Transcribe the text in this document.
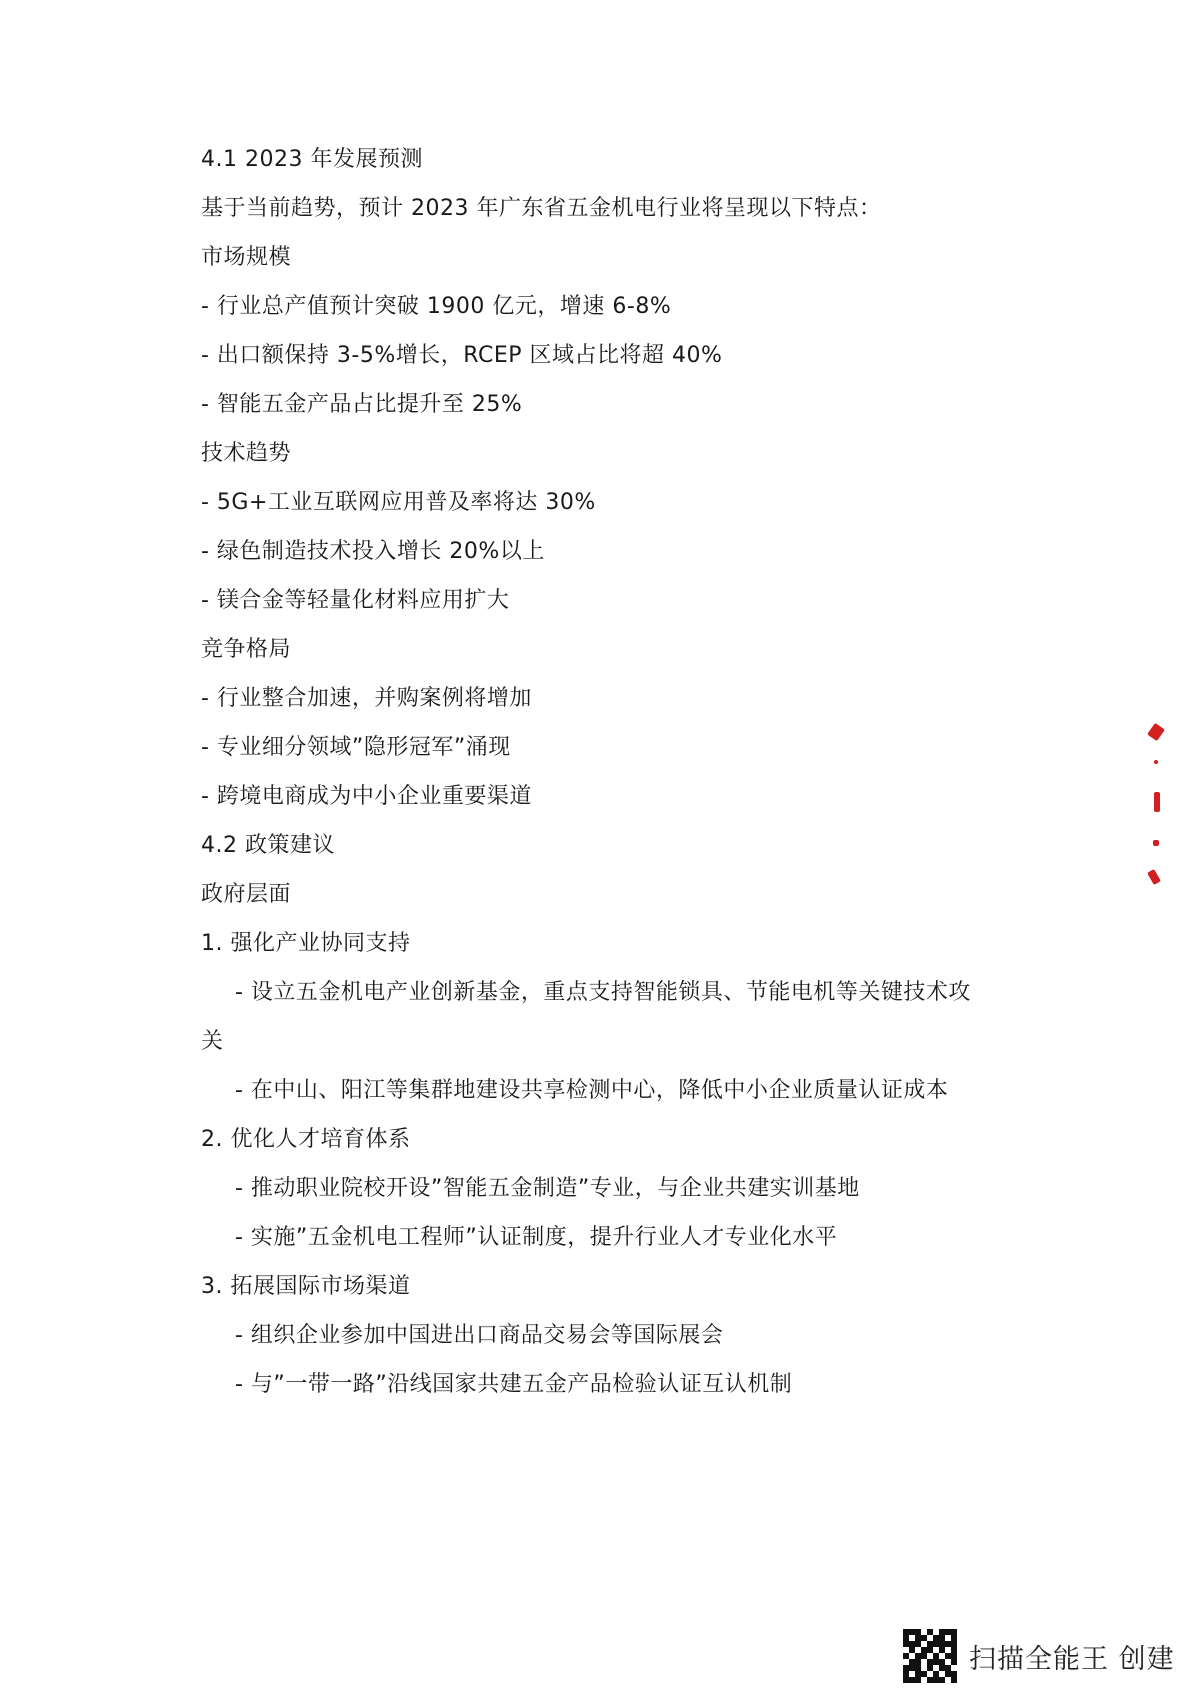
4.1 2023 年发展预测
基于当前趋势，预计 2023 年广东省五金机电行业将呈现以下特点：
市场规模
- 行业总产值预计突破 1900 亿元，增速 6-8%
- 出口额保持 3-5%增长，RCEP 区域占比将超 40%
- 智能五金产品占比提升至 25%
技术趋势
- 5G+工业互联网应用普及率将达 30%
- 绿色制造技术投入增长 20%以上
- 镁合金等轻量化材料应用扩大
竞争格局
- 行业整合加速，并购案例将增加
- 专业细分领域”隐形冠军”涌现
- 跨境电商成为中小企业重要渠道
4.2 政策建议
政府层面
1. 强化产业协同支持
- 设立五金机电产业创新基金，重点支持智能锁具、节能电机等关键技术攻
关
- 在中山、阳江等集群地建设共享检测中心，降低中小企业质量认证成本
2. 优化人才培育体系
- 推动职业院校开设”智能五金制造”专业，与企业共建实训基地
- 实施”五金机电工程师”认证制度，提升行业人才专业化水平
3. 拓展国际市场渠道
- 组织企业参加中国进出口商品交易会等国际展会
- 与”一带一路”沿线国家共建五金产品检验认证互认机制
扫描全能王 创建
